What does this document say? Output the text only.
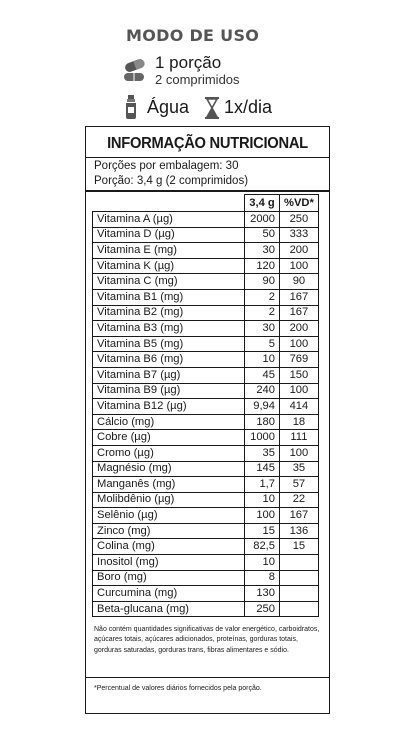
MODO DE USO
1 porção
2 comprimidos
Água 1x/dia
INFORMAÇÃO NUTRICIONAL
Porções por embalagem: 30
Porção: 3,4 g (2 comprimidos)
	3,4 g	%VD*
Vitamina A (µg)	2000	250
Vitamina D (µg)	50	333
Vitamina E (mg)	30	200
Vitamina K (µg)	120	100
Vitamina C (mg)	90	90
Vitamina B1 (mg)	2	167
Vitamina B2 (mg)	2	167
Vitamina B3 (mg)	30	200
Vitamina B5 (mg)	5	100
Vitamina B6 (mg)	10	769
Vitamina B7 (µg)	45	150
Vitamina B9 (µg)	240	100
Vitamina B12 (µg)	9,94	414
Cálcio (mg)	180	18
Cobre (µg)	1000	111
Cromo (µg)	35	100
Magnésio (mg)	145	35
Manganês (mg)	1,7	57
Molibdênio (µg)	10	22
Selênio (µg)	100	167
Zinco (mg)	15	136
Colina (mg)	82,5	15
Inositol (mg)	10	
Boro (mg)	8	
Curcumina (mg)	130	
Beta-glucana (mg)	250	
Não contém quantidades significativas de valor energético, carboidratos, açúcares totais, açúcares adicionados, proteínas, gorduras totais, gorduras saturadas, gorduras trans, fibras alimentares e sódio.
*Percentual de valores diários fornecidos pela porção.
